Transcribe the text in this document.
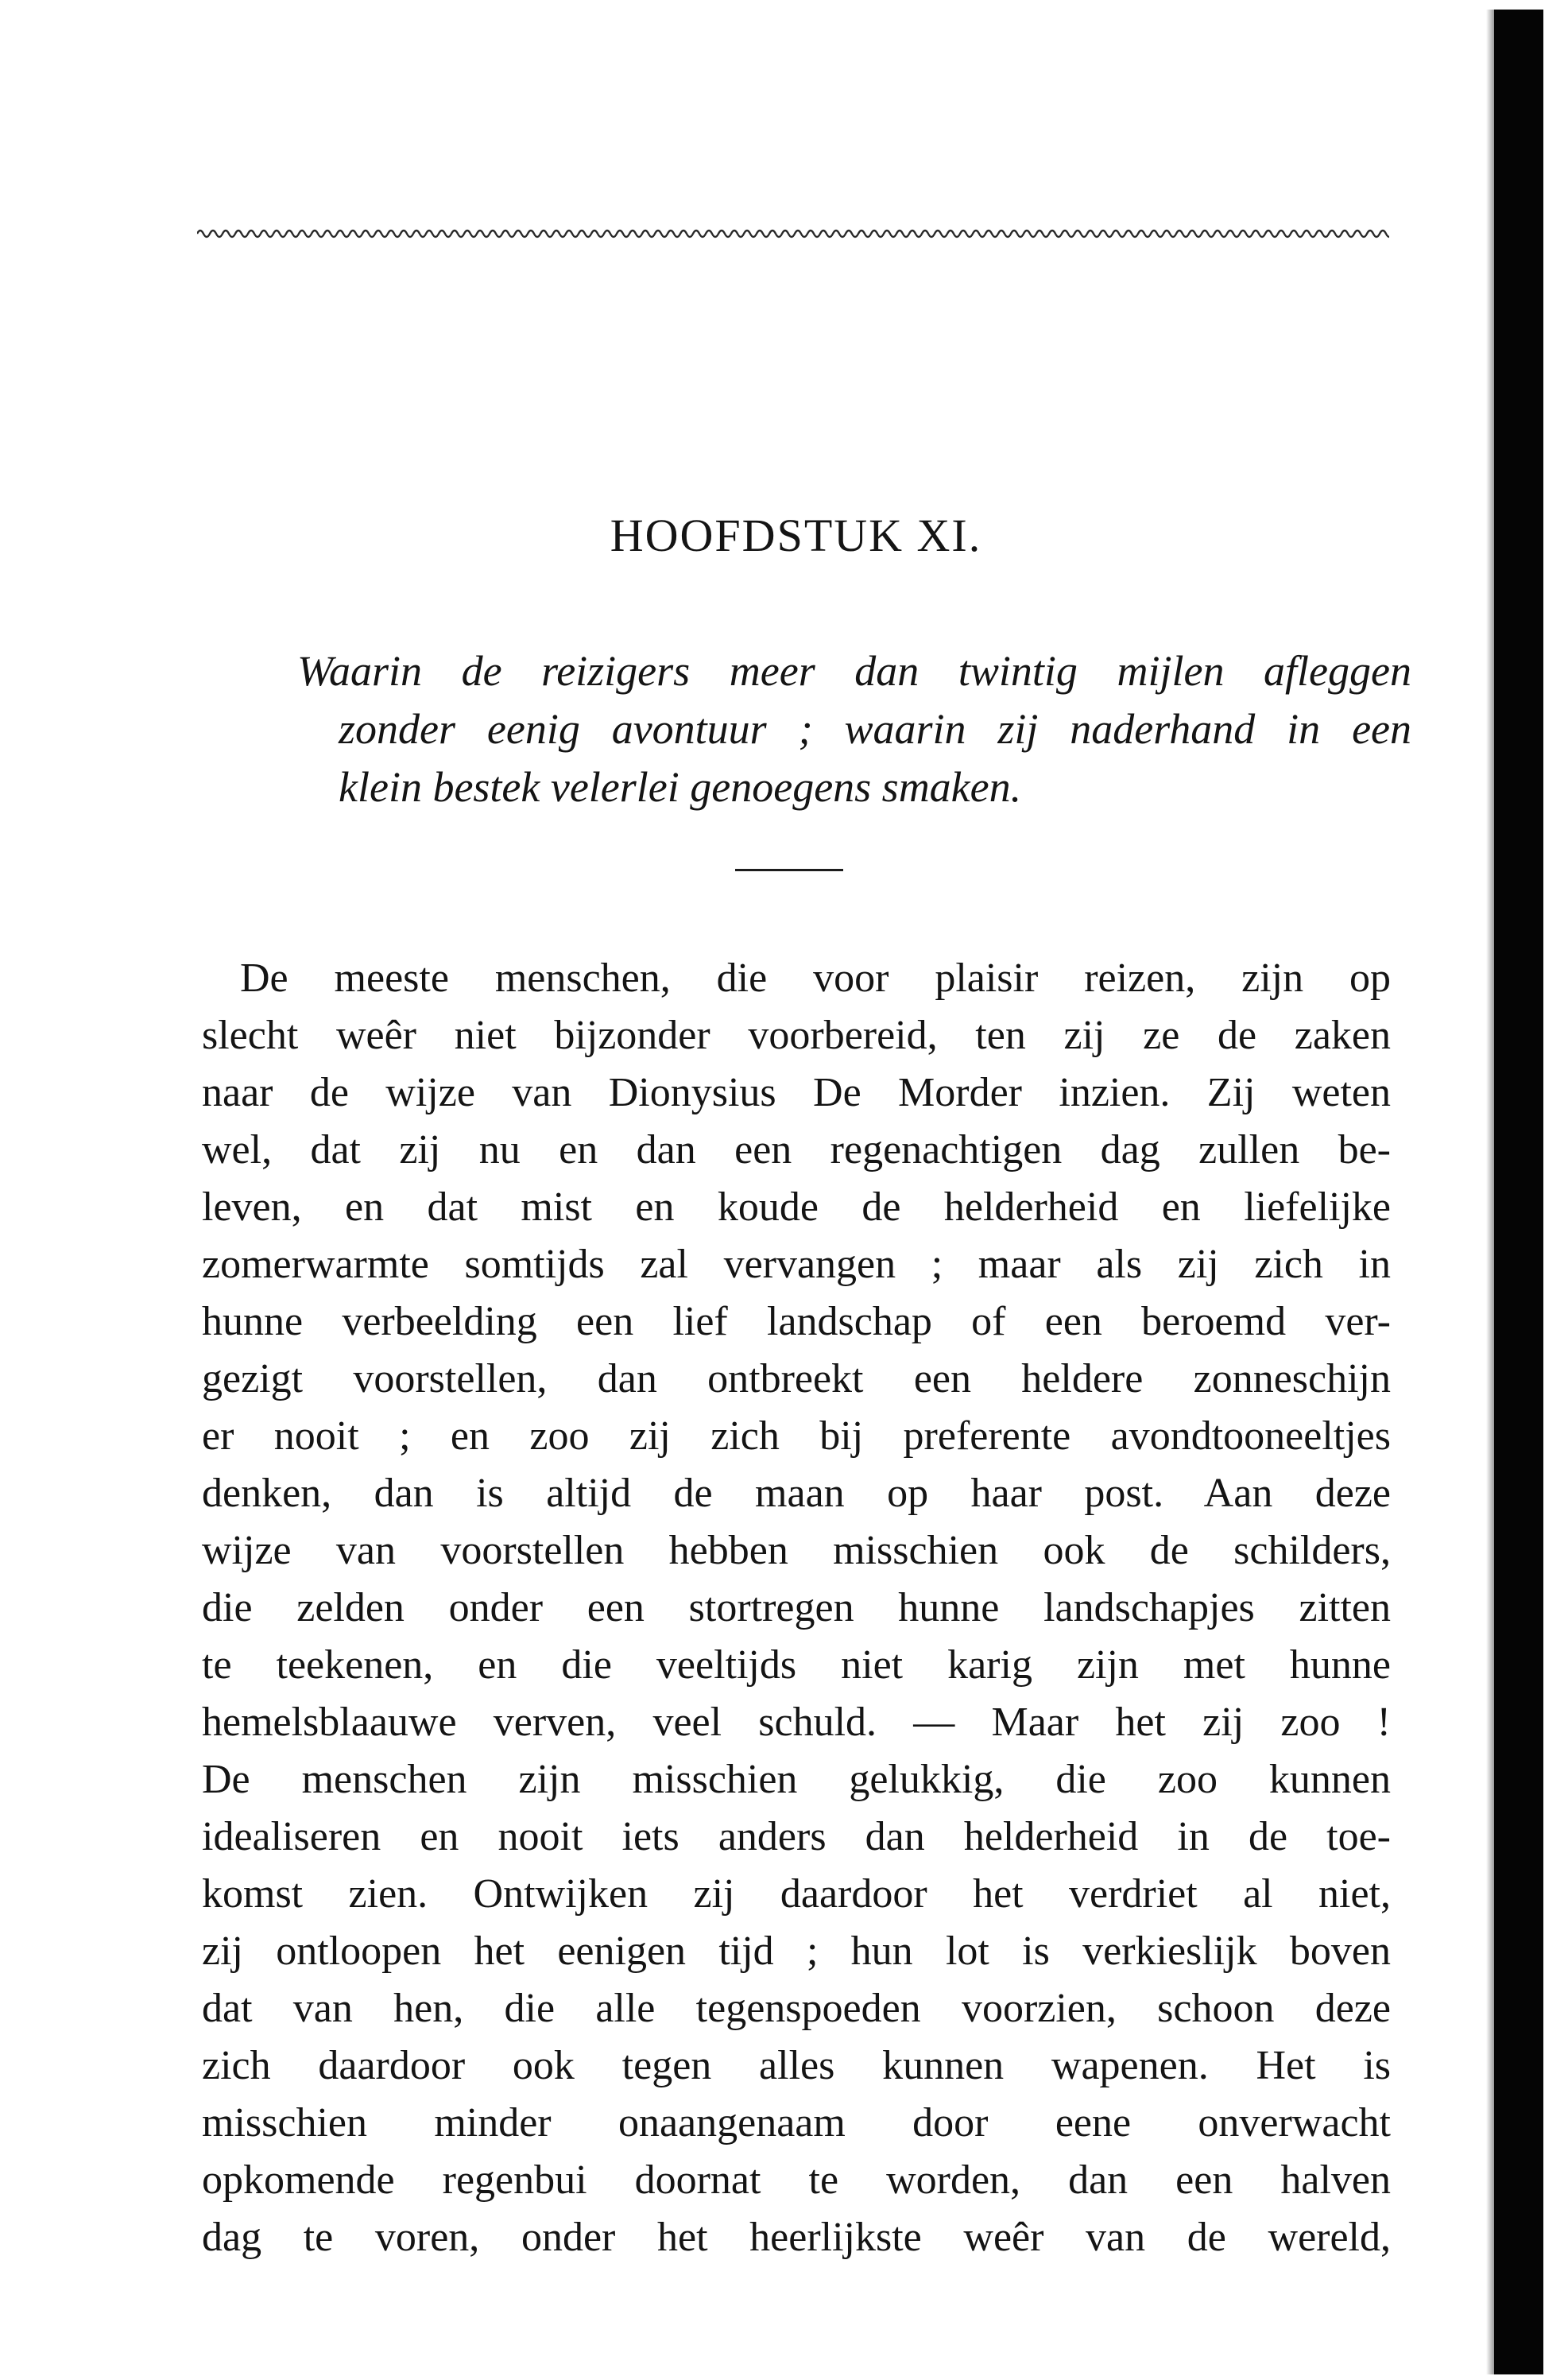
HOOFDSTUK XI.
Waarin de reizigers meer dan twintig mijlen afleggen
zonder eenig avontuur ; waarin zij naderhand in een
klein bestek velerlei genoegens smaken.
De meeste menschen, die voor plaisir reizen, zijn op
slecht weêr niet bijzonder voorbereid, ten zij ze de zaken
naar de wijze van Dionysius De Morder inzien. Zij weten
wel, dat zij nu en dan een regenachtigen dag zullen be-
leven, en dat mist en koude de helderheid en liefelijke
zomerwarmte somtijds zal vervangen ; maar als zij zich in
hunne verbeelding een lief landschap of een beroemd ver-
gezigt voorstellen, dan ontbreekt een heldere zonneschijn
er nooit ; en zoo zij zich bij preferente avondtooneeltjes
denken, dan is altijd de maan op haar post. Aan deze
wijze van voorstellen hebben misschien ook de schilders,
die zelden onder een stortregen hunne landschapjes zitten
te teekenen, en die veeltijds niet karig zijn met hunne
hemelsblaauwe verven, veel schuld. — Maar het zij zoo !
De menschen zijn misschien gelukkig, die zoo kunnen
idealiseren en nooit iets anders dan helderheid in de toe-
komst zien. Ontwijken zij daardoor het verdriet al niet,
zij ontloopen het eenigen tijd ; hun lot is verkieslijk boven
dat van hen, die alle tegenspoeden voorzien, schoon deze
zich daardoor ook tegen alles kunnen wapenen. Het is
misschien minder onaangenaam door eene onverwacht
opkomende regenbui doornat te worden, dan een halven
dag te voren, onder het heerlijkste weêr van de wereld,
